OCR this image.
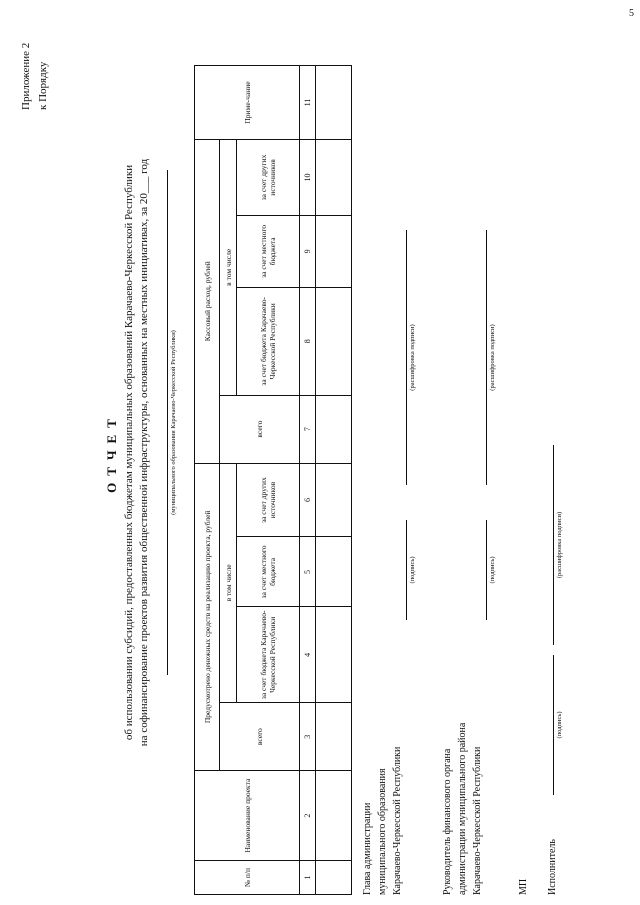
5
Приложение 2 к Порядку
ОТЧЕТ об использовании субсидий, предоставленных бюджетам муниципальных образований Карачаево-Черкесской Республики на софинансирование проектов развития общественной инфраструктуры, основанных на местных инициативах, за 20___ год	(муниципального образования Карачаево-Черкесской Республики)
№ п/п	Наименование проекта	Предусмотрено денежных средств на реализацию проекта, рублей				Кассовый расход, рублей				Приме-чание
		всего	в том числе			всего	в том числе			
			за счет бюджета Карачаево-Черкесской Республики	за счет местного бюджета	за счет других источников		за счет бюджета Карачаево-Черкесской Республики	за счет местного бюджета	за счет других источников	
1	2	3	4	5	6	7	8	9	10	11

Глава администрации муниципального образования Карачаево-Черкесской Республики
(подпись)
(расшифровка подписи)
Руководитель финансового органа администрации муниципального района Карачаево-Черкесской Республики
(подпись)
(расшифровка подписи)
МП Исполнитель
(подпись)
(расшифровка подписи)
